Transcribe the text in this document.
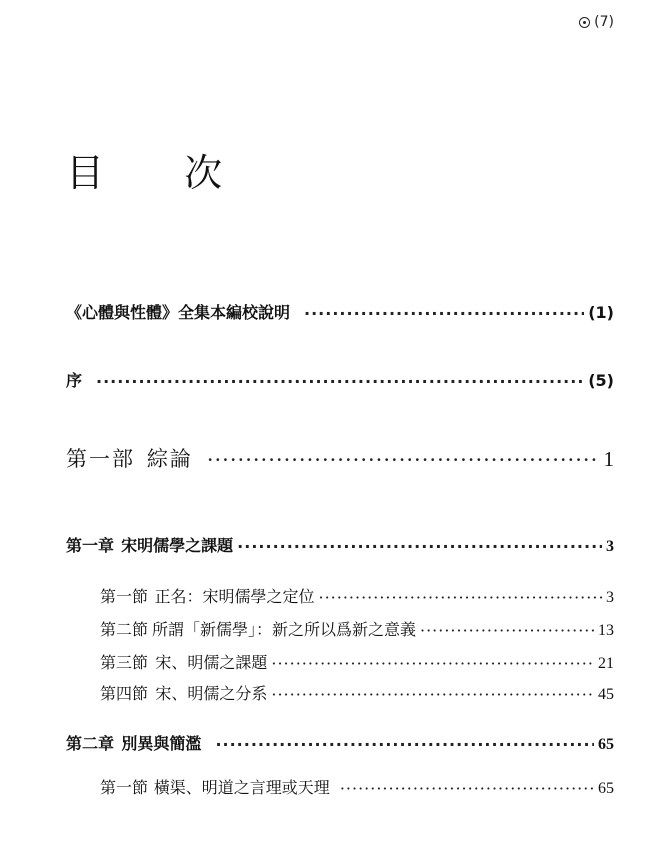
(7)
目 次
《心體與性體》全集本編校說明 ·····	(1)
序 ·····	(5)
第一部 綜論 ·····	1
第一章 宋明儒學之課題 ·····	3
第一節 正名：宋明儒學之定位 ·····	3
第二節 所謂「新儒學」：新之所以爲新之意義 ·····	13
第三節 宋、明儒之課題 ·····	21
第四節 宋、明儒之分系 ·····	45
第二章 別異與簡濫 ·····	65
第一節 橫渠、明道之言理或天理 ·····	65
